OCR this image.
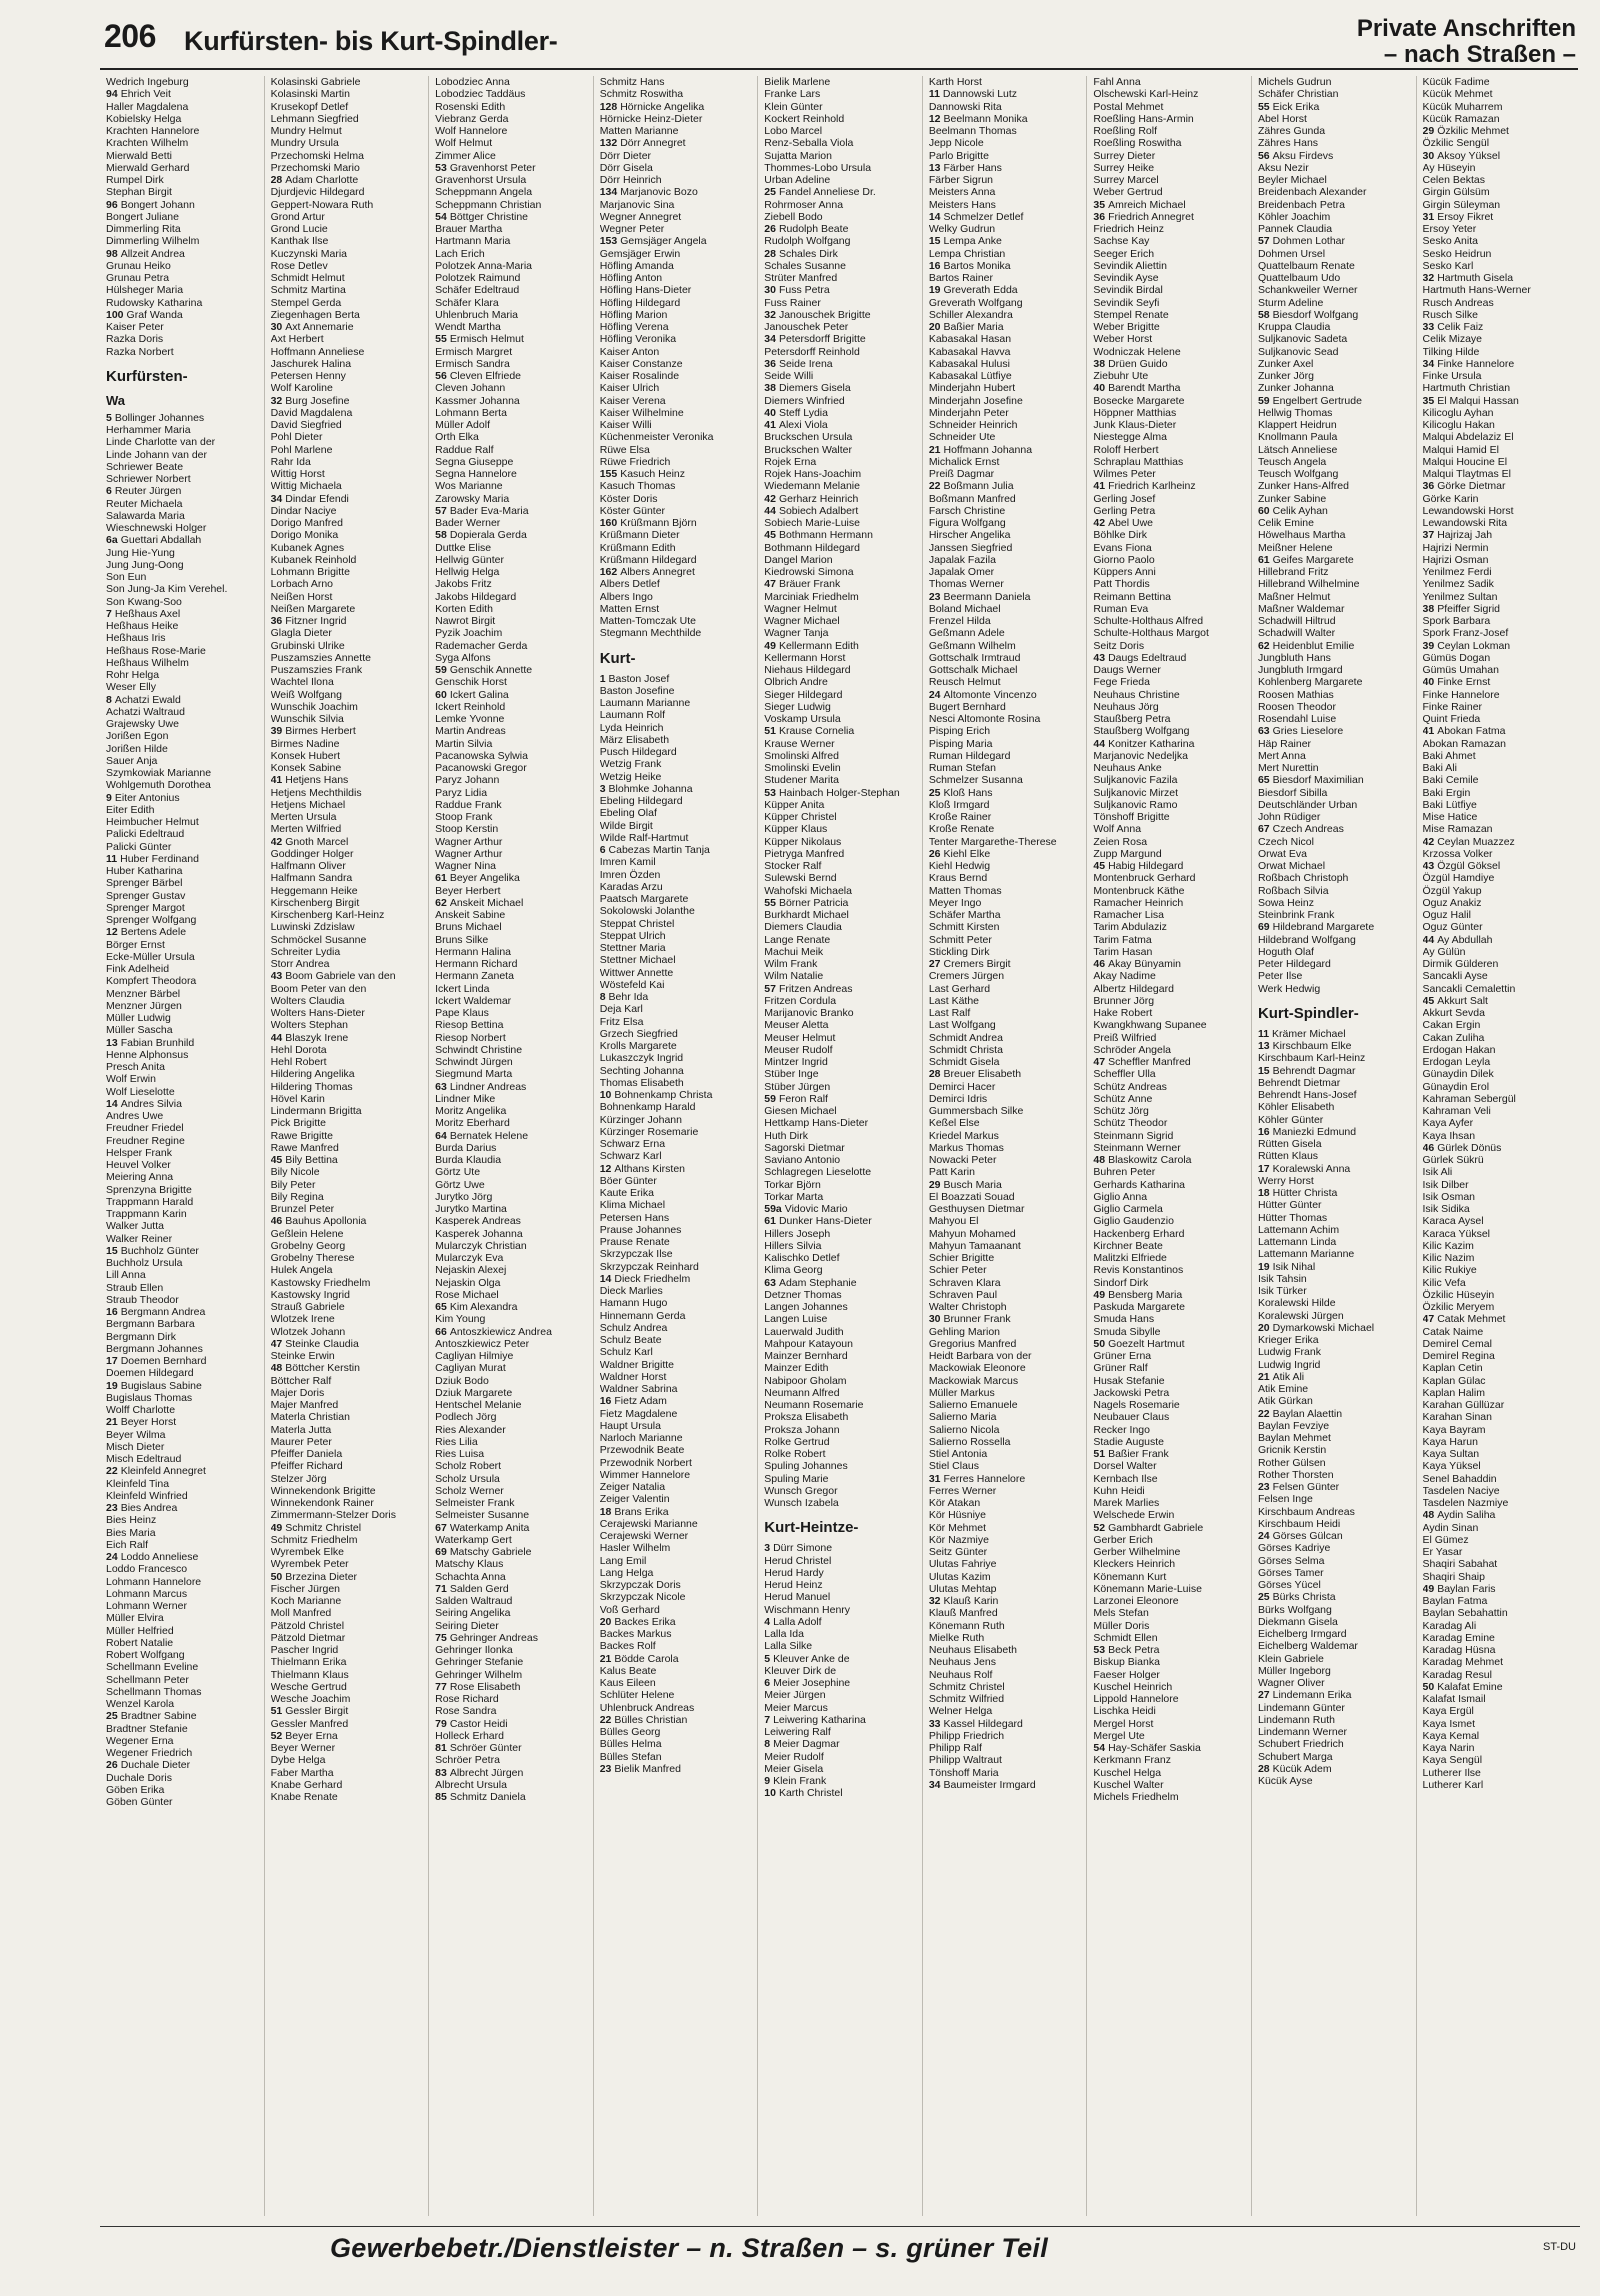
206 Kurfürsten- bis Kurt-Spindler-	Private Anschriften
– nach Straßen –
Wedrich Ingeburg
94 Ehrich Veit
Haller Magdalena
Kobielsky Helga
Krachten Hannelore
Krachten Wilhelm
Mierwald Betti
Mierwald Gerhard
Rumpel Dirk
Stephan Birgit
96 Bongert Johann
Bongert Juliane
Dimmerling Rita
Dimmerling Wilhelm
98 Allzeit Andrea
Grunau Heiko
Grunau Petra
Hülsheger Maria
Rudowsky Katharina
100 Graf Wanda
Kaiser Peter
Razka Doris
Razka Norbert
Kurfürsten-
Wa
5 Bollinger Johannes
Herhammer Maria
Linde Charlotte van der
Linde Johann van der
Schriewer Beate
Schriewer Norbert
6 Reuter Jürgen
Reuter Michaela
Salawarda Maria
Wieschnewski Holger
6a Guettari Abdallah
Jung Hie-Yung
Jung Jung-Oong
Son Eun
Son Jung-Ja Kim Verehel.
Son Kwang-Soo
7 Heßhaus Axel
Heßhaus Heike
Heßhaus Iris
Heßhaus Rose-Marie
Heßhaus Wilhelm
Rohr Helga
Weser Elly
8 Achatzi Ewald
Achatzi Waltraud
Grajewsky Uwe
Jorißen Egon
Jorißen Hilde
Sauer Anja
Szymkowiak Marianne
Wohlgemuth Dorothea
9 Eiter Antonius
Eiter Edith
Heimbucher Helmut
Palicki Edeltraud
Palicki Günter
11 Huber Ferdinand
Huber Katharina
Sprenger Bärbel
Sprenger Gustav
Sprenger Margot
Sprenger Wolfgang
12 Bertens Adele
Börger Ernst
Ecke-Müller Ursula
Fink Adelheid
Kompfert Theodora
Menzner Bärbel
Menzner Jürgen
Müller Ludwig
Müller Sascha
13 Fabian Brunhild
Henne Alphonsus
Presch Anita
Wolf Erwin
Wolf Lieselotte
14 Andres Silvia
Andres Uwe
Freudner Friedel
Freudner Regine
Helsper Frank
Heuvel Volker
Meiering Anna
Sprenzyna Brigitte
Trappmann Harald
Trappmann Karin
Walker Jutta
Walker Reiner
15 Buchholz Günter
Buchholz Ursula
Lill Anna
Straub Ellen
Straub Theodor
16 Bergmann Andrea
Bergmann Barbara
Bergmann Dirk
Bergmann Johannes
17 Doemen Bernhard
Doemen Hildegard
19 Bugislaus Sabine
Bugislaus Thomas
Wolff Charlotte
21 Beyer Horst
Beyer Wilma
Misch Dieter
Misch Edeltraud
22 Kleinfeld Annegret
Kleinfeld Tina
Kleinfeld Winfried
23 Bies Andrea
Bies Heinz
Bies Maria
Eich Ralf
24 Loddo Anneliese
Loddo Francesco
Lohmann Hannelore
Lohmann Marcus
Lohmann Werner
Müller Elvira
Müller Helfried
Robert Natalie
Robert Wolfgang
Schellmann Eveline
Schellmann Peter
Schellmann Thomas
Wenzel Karola
25 Bradtner Sabine
Bradtner Stefanie
Wegener Erna
Wegener Friedrich
26 Duchale Dieter
Duchale Doris
Göben Erika
Göben Günter
Kolasinski Gabriele
Kolasinski Martin
Krusekopf Detlef
Lehmann Siegfried
Mundry Helmut
Mundry Ursula
Przechomski Helma
Przechomski Mario
28 Adam Charlotte
Djurdjevic Hildegard
Geppert-Nowara Ruth
Grond Artur
Grond Lucie
Kanthak Ilse
Kuczynski Maria
Rose Detlev
Schmidt Helmut
Schmitz Martina
Stempel Gerda
Ziegenhagen Berta
30 Axt Annemarie
Axt Herbert
Hoffmann Anneliese
Jaschurek Halina
Petersen Henny
Wolf Karoline
32 Burg Josefine
David Magdalena
David Siegfried
Pohl Dieter
Pohl Marlene
Rahr Ida
Wittig Horst
Wittig Michaela
34 Dindar Efendi
Dindar Naciye
Dorigo Manfred
Dorigo Monika
Kubanek Agnes
Kubanek Reinhold
Lohmann Brigitte
Lorbach Arno
Neißen Horst
Neißen Margarete
36 Fitzner Ingrid
Glagla Dieter
Grubinski Ulrike
Puszamszies Annette
Puszamszies Frank
Wachtel Ilona
Weiß Wolfgang
Wunschik Joachim
Wunschik Silvia
39 Birmes Herbert
Birmes Nadine
Konsek Hubert
Konsek Sabine
41 Hetjens Hans
Hetjens Mechthildis
Hetjens Michael
Merten Ursula
Merten Wilfried
42 Gnoth Marcel
Goddinger Holger
Halfmann Oliver
Halfmann Sandra
Heggemann Heike
Kirschenberg Birgit
Kirschenberg Karl-Heinz
Luwinski Zdzislaw
Schmöckel Susanne
Schreiter Lydia
Storr Andrea
43 Boom Gabriele van den
Boom Peter van den
Wolters Claudia
Wolters Hans-Dieter
Wolters Stephan
44 Blaszyk Irene
Hehl Dorota
Hehl Robert
Hildering Angelika
Hildering Thomas
Hövel Karin
Lindermann Brigitta
Pick Brigitte
Rawe Brigitte
Rawe Manfred
45 Bily Bettina
Bily Nicole
Bily Peter
Bily Regina
Brunzel Peter
46 Bauhus Apollonia
Geßlein Helene
Grobelny Georg
Grobelny Therese
Hulek Angela
Kastowsky Friedhelm
Kastowsky Ingrid
Strauß Gabriele
Wlotzek Irene
Wlotzek Johann
47 Steinke Claudia
Steinke Erwin
48 Böttcher Kerstin
Böttcher Ralf
Majer Doris
Majer Manfred
Materla Christian
Materla Jutta
Maurer Peter
Pfeiffer Daniela
Pfeiffer Richard
Stelzer Jörg
Winnekendonk Brigitte
Winnekendonk Rainer
Zimmermann-Stelzer Doris
49 Schmitz Christel
Schmitz Friedhelm
Wyrembek Elke
Wyrembek Peter
50 Brzezina Dieter
Fischer Jürgen
Koch Marianne
Moll Manfred
Pätzold Christel
Pätzold Dietmar
Pascher Ingrid
Thielmann Erika
Thielmann Klaus
Wesche Gertrud
Wesche Joachim
51 Gessler Birgit
Gessler Manfred
52 Beyer Erna
Beyer Werner
Dybe Helga
Faber Martha
Knabe Gerhard
Knabe Renate
Lobodziec Anna
Lobodziec Taddäus
Rosenski Edith
Viebranz Gerda
Wolf Hannelore
Wolf Helmut
Zimmer Alice
53 Gravenhorst Peter
Gravenhorst Ursula
Scheppmann Angela
Scheppmann Christian
54 Böttger Christine
Brauer Martha
Hartmann Maria
Lach Erich
Polotzek Anna-Maria
Polotzek Raimund
Schäfer Edeltraud
Schäfer Klara
Uhlenbruch Maria
Wendt Martha
55 Ermisch Helmut
Ermisch Margret
Ermisch Sandra
56 Cleven Elfriede
Cleven Johann
Kassmer Johanna
Lohmann Berta
Müller Adolf
Orth Elka
Raddue Ralf
Segna Giuseppe
Segna Hannelore
Wos Marianne
Zarowsky Maria
57 Bader Eva-Maria
Bader Werner
58 Dopierala Gerda
Duttke Elise
Hellwig Günter
Hellwig Helga
Jakobs Fritz
Jakobs Hildegard
Korten Edith
Nawrot Birgit
Pyzik Joachim
Rademacher Gerda
Syga Alfons
59 Genschik Annette
Genschik Horst
60 Ickert Galina
Ickert Reinhold
Lemke Yvonne
Martin Andreas
Martin Silvia
Pacanowska Sylwia
Pacanowski Gregor
Paryz Johann
Paryz Lidia
Raddue Frank
Stoop Frank
Stoop Kerstin
Wagner Arthur
Wagner Arthur
Wagner Nina
61 Beyer Angelika
Beyer Herbert
62 Anskeit Michael
Anskeit Sabine
Bruns Michael
Bruns Silke
Hermann Halina
Hermann Richard
Hermann Zaneta
Ickert Linda
Ickert Waldemar
Pape Klaus
Riesop Bettina
Riesop Norbert
Schwindt Christine
Schwindt Jürgen
Siegmund Marta
63 Lindner Andreas
Lindner Mike
Moritz Angelika
Moritz Eberhard
64 Bernatek Helene
Burda Darius
Burda Klaudia
Görtz Ute
Görtz Uwe
Jurytko Jörg
Jurytko Martina
Kasperek Andreas
Kasperek Johanna
Mularczyk Christian
Mularczyk Eva
Nejaskin Alexej
Nejaskin Olga
Rose Michael
65 Kim Alexandra
Kim Young
66 Antoszkiewicz Andrea
Antoszkiewicz Peter
Cagliyan Hilmiye
Cagliyan Murat
Dziuk Bodo
Dziuk Margarete
Hentschel Melanie
Podlech Jörg
Ries Alexander
Ries Lilia
Ries Luisa
Scholz Robert
Scholz Ursula
Scholz Werner
Selmeister Frank
Selmeister Susanne
67 Waterkamp Anita
Waterkamp Gert
69 Matschy Gabriele
Matschy Klaus
Schachta Anna
71 Salden Gerd
Salden Waltraud
Seiring Angelika
Seiring Dieter
75 Gehringer Andreas
Gehringer Ilonka
Gehringer Stefanie
Gehringer Wilhelm
77 Rose Elisabeth
Rose Richard
Rose Sandra
79 Castor Heidi
Holleck Erhard
81 Schröer Günter
Schröer Petra
83 Albrecht Jürgen
Albrecht Ursula
85 Schmitz Daniela
Schmitz Hans
Schmitz Roswitha
128 Hörnicke Angelika
Hörnicke Heinz-Dieter
Matten Marianne
132 Dörr Annegret
Dörr Dieter
Dörr Gisela
Dörr Heinrich
134 Marjanovic Bozo
Marjanovic Sina
Wegner Annegret
Wegner Peter
153 Gemsjäger Angela
Gemsjäger Erwin
Höfling Amanda
Höfling Anton
Höfling Hans-Dieter
Höfling Hildegard
Höfling Marion
Höfling Verena
Höfling Veronika
Kaiser Anton
Kaiser Constanze
Kaiser Rosalinde
Kaiser Ulrich
Kaiser Verena
Kaiser Wilhelmine
Kaiser Willi
Küchenmeister Veronika
Rüwe Elsa
Rüwe Friedrich
155 Kasuch Heinz
Kasuch Thomas
Köster Doris
Köster Günter
160 Krüßmann Björn
Krüßmann Dieter
Krüßmann Edith
Krüßmann Hildegard
162 Albers Annegret
Albers Detlef
Albers Ingo
Matten Ernst
Matten-Tomczak Ute
Stegmann Mechthilde
Kurt-
1 Baston Josef
Baston Josefine
Laumann Marianne
Laumann Rolf
Lyda Heinrich
März Elisabeth
Pusch Hildegard
Wetzig Frank
Wetzig Heike
3 Blohmke Johanna
Ebeling Hildegard
Ebeling Olaf
Wilde Birgit
Wilde Ralf-Hartmut
6 Cabezas Martin Tanja
Imren Kamil
Imren Özden
Karadas Arzu
Paatsch Margarete
Sokolowski Jolanthe
Steppat Christel
Steppat Ulrich
Stettner Maria
Stettner Michael
Wittwer Annette
Wöstefeld Kai
8 Behr Ida
Deja Karl
Fritz Elsa
Grzech Siegfried
Krolls Margarete
Lukaszczyk Ingrid
Sechting Johanna
Thomas Elisabeth
10 Bohnenkamp Christa
Bohnenkamp Harald
Kürzinger Johann
Kürzinger Rosemarie
Schwarz Erna
Schwarz Karl
12 Althans Kirsten
Böer Günter
Kaute Erika
Klima Michael
Petersen Hans
Prause Johannes
Prause Renate
Skrzypczak Ilse
Skrzypczak Reinhard
14 Dieck Friedhelm
Dieck Marlies
Hamann Hugo
Hinnemann Gerda
Schulz Andrea
Schulz Beate
Schulz Karl
Waldner Brigitte
Waldner Horst
Waldner Sabrina
16 Fietz Adam
Fietz Magdalene
Haupt Ursula
Narloch Marianne
Przewodnik Beate
Przewodnik Norbert
Wimmer Hannelore
Zeiger Natalia
Zeiger Valentin
18 Brans Erika
Cerajewski Marianne
Cerajewski Werner
Hasler Wilhelm
Lang Emil
Lang Helga
Skrzypczak Doris
Skrzypczak Nicole
Voß Gerhard
20 Backes Erika
Backes Markus
Backes Rolf
21 Bödde Carola
Kalus Beate
Kaus Eileen
Schlüter Helene
Uhlenbruck Andreas
22 Bülles Christian
Bülles Georg
Bülles Helma
Bülles Stefan
23 Bielik Manfred
Bielik Marlene
Franke Lars
Klein Günter
Kockert Reinhold
Lobo Marcel
Renz-Seballa Viola
Sujatta Marion
Thommes-Lobo Ursula
Urban Adeline
25 Fandel Anneliese Dr.
Rohrmoser Anna
Ziebell Bodo
26 Rudolph Beate
Rudolph Wolfgang
28 Schales Dirk
Schales Susanne
Strüter Manfred
30 Fuss Petra
Fuss Rainer
32 Janouschek Brigitte
Janouschek Peter
34 Petersdorff Brigitte
Petersdorff Reinhold
36 Seide Irena
Seide Willi
38 Diemers Gisela
Diemers Winfried
40 Steff Lydia
41 Alexi Viola
Bruckschen Ursula
Bruckschen Walter
Rojek Erna
Rojek Hans-Joachim
Wiedemann Melanie
42 Gerharz Heinrich
44 Sobiech Adalbert
Sobiech Marie-Luise
45 Bothmann Hermann
Bothmann Hildegard
Dangel Marion
Kiedrowski Simona
47 Bräuer Frank
Marciniak Friedhelm
Wagner Helmut
Wagner Michael
Wagner Tanja
49 Kellermann Edith
Kellermann Horst
Niehaus Hildegard
Olbrich Andre
Sieger Hildegard
Sieger Ludwig
Voskamp Ursula
51 Krause Cornelia
Krause Werner
Smolinski Alfred
Smolinski Evelin
Studener Marita
53 Hainbach Holger-Stephan
Küpper Anita
Küpper Christel
Küpper Klaus
Küpper Nikolaus
Pietryga Manfred
Stocker Ralf
Sulewski Bernd
Wahofski Michaela
55 Börner Patricia
Burkhardt Michael
Diemers Claudia
Lange Renate
Machui Meik
Wilm Frank
Wilm Natalie
57 Fritzen Andreas
Fritzen Cordula
Marijanovic Branko
Meuser Aletta
Meuser Helmut
Meuser Rudolf
Mintzer Ingrid
Stüber Inge
Stüber Jürgen
59 Feron Ralf
Giesen Michael
Hettkamp Hans-Dieter
Huth Dirk
Sagorski Dietmar
Saviano Antonio
Schlagregen Lieselotte
Torkar Björn
Torkar Marta
59a Vidovic Mario
61 Dunker Hans-Dieter
Hillers Joseph
Hillers Silvia
Kalischko Detlef
Klima Georg
63 Adam Stephanie
Detzner Thomas
Langen Johannes
Langen Luise
Lauerwald Judith
Mahpour Katayoun
Mainzer Bernhard
Mainzer Edith
Nabipoor Gholam
Neumann Alfred
Neumann Rosemarie
Proksza Elisabeth
Proksza Johann
Rolke Gertrud
Rolke Robert
Spuling Johannes
Spuling Marie
Wunsch Gregor
Wunsch Izabela
Kurt-Heintze-
3 Dürr Simone
Herud Christel
Herud Hardy
Herud Heinz
Herud Manuel
Wischmann Henry
4 Lalla Adolf
Lalla Ida
Lalla Silke
5 Kleuver Anke de
Kleuver Dirk de
6 Meier Josephine
Meier Jürgen
Meier Marcus
7 Leiwering Katharina
Leiwering Ralf
8 Meier Dagmar
Meier Rudolf
Meier Gisela
9 Klein Frank
10 Karth Christel
Karth Horst
11 Dannowski Lutz
Dannowski Rita
12 Beelmann Monika
Beelmann Thomas
Jepp Nicole
Parlo Brigitte
13 Färber Hans
Färber Sigrun
Meisters Anna
Meisters Hans
14 Schmelzer Detlef
Welky Gudrun
15 Lempa Anke
Lempa Christian
16 Bartos Monika
Bartos Rainer
19 Greverath Edda
Greverath Wolfgang
Schiller Alexandra
20 Baßier Maria
Kabasakal Hasan
Kabasakal Havva
Kabasakal Hulusi
Kabasakal Lütfiye
Minderjahn Hubert
Minderjahn Josefine
Minderjahn Peter
Schneider Heinrich
Schneider Ute
21 Hoffmann Johanna
Michalick Ernst
Preiß Dagmar
22 Boßmann Julia
Boßmann Manfred
Farsch Christine
Figura Wolfgang
Hirscher Angelika
Janssen Siegfried
Japalak Fazila
Japalak Omer
Thomas Werner
23 Beermann Daniela
Boland Michael
Frenzel Hilda
Geßmann Adele
Geßmann Wilhelm
Gottschalk Irmtraud
Gottschalk Michael
Reusch Helmut
24 Altomonte Vincenzo
Bugert Bernhard
Nesci Altomonte Rosina
Pisping Erich
Pisping Maria
Ruman Hildegard
Ruman Stefan
Schmelzer Susanna
25 Kloß Hans
Kloß Irmgard
Kroße Rainer
Kroße Renate
Tenter Margarethe-Therese
26 Kiehl Elke
Kiehl Hedwig
Kraus Bernd
Matten Thomas
Meyer Ingo
Schäfer Martha
Schmitt Kirsten
Schmitt Peter
Stickling Dirk
27 Cremers Birgit
Cremers Jürgen
Last Gerhard
Last Käthe
Last Ralf
Last Wolfgang
Schmidt Andrea
Schmidt Christa
Schmidt Gisela
28 Breuer Elisabeth
Demirci Hacer
Demirci Idris
Gummersbach Silke
Keßel Else
Kriedel Markus
Markus Thomas
Nowacki Peter
Patt Karin
29 Busch Maria
El Boazzati Souad
Gesthuysen Dietmar
Mahyou El
Mahyun Mohamed
Mahyun Tamaanant
Schier Brigitte
Schier Peter
Schraven Klara
Schraven Paul
Walter Christoph
30 Brunner Frank
Gehling Marion
Gregorius Manfred
Heidt Barbara von der
Mackowiak Eleonore
Mackowiak Marcus
Müller Markus
Salierno Emanuele
Salierno Maria
Salierno Nicola
Salierno Rossella
Stiel Antonia
Stiel Claus
31 Ferres Hannelore
Ferres Werner
Kör Atakan
Kör Hüsniye
Kör Mehmet
Kör Nazmiye
Seitz Günter
Ulutas Fahriye
Ulutas Kazim
Ulutas Mehtap
32 Klauß Karin
Klauß Manfred
Könemann Ruth
Mielke Ruth
Neuhaus Elisabeth
Neuhaus Jens
Neuhaus Rolf
Schmitz Christel
Schmitz Wilfried
Welner Helga
33 Kassel Hildegard
Philipp Friedrich
Philipp Ralf
Philipp Waltraut
Tönshoff Maria
34 Baumeister Irmgard
Fahl Anna
Olschewski Karl-Heinz
Postal Mehmet
Roeßling Hans-Armin
Roeßling Rolf
Roeßling Roswitha
Surrey Dieter
Surrey Heike
Surrey Marcel
Weber Gertrud
35 Amreich Michael
36 Friedrich Annegret
Friedrich Heinz
Sachse Kay
Seeger Erich
Sevindik Aliettin
Sevindik Ayse
Sevindik Birdal
Sevindik Seyfi
Stempel Renate
Weber Brigitte
Weber Horst
Wodniczak Helene
38 Drüen Guido
Ziebuhr Ute
40 Barendt Martha
Bosecke Margarete
Höppner Matthias
Junk Klaus-Dieter
Niestegge Alma
Roloff Herbert
Schraplau Matthias
Wilmes Peter
41 Friedrich Karlheinz
Gerling Josef
Gerling Petra
42 Abel Uwe
Böhlke Dirk
Evans Fiona
Giorno Paolo
Küppers Anni
Patt Thordis
Reimann Bettina
Ruman Eva
Schulte-Holthaus Alfred
Schulte-Holthaus Margot
Seitz Doris
43 Daugs Edeltraud
Daugs Werner
Fege Frieda
Neuhaus Christine
Neuhaus Jörg
Staußberg Petra
Staußberg Wolfgang
44 Konitzer Katharina
Marjanovic Nedeljka
Neuhaus Anke
Suljkanovic Fazila
Suljkanovic Mirzet
Suljkanovic Ramo
Tönshoff Brigitte
Wolf Anna
Zeien Rosa
Zupp Margund
45 Habig Hildegard
Montenbruck Gerhard
Montenbruck Käthe
Ramacher Heinrich
Ramacher Lisa
Tarim Abdulaziz
Tarim Fatma
Tarim Hasan
46 Akay Bünyamin
Akay Nadime
Albertz Hildegard
Brunner Jörg
Hake Robert
Kwangkhwang Supanee
Preiß Wilfried
Schröder Angela
47 Scheffler Manfred
Scheffler Ulla
Schütz Andreas
Schütz Anne
Schütz Jörg
Schütz Theodor
Steinmann Sigrid
Steinmann Werner
48 Blaskowitz Carola
Buhren Peter
Gerhards Katharina
Giglio Anna
Giglio Carmela
Giglio Gaudenzio
Hackenberg Erhard
Kirchner Beate
Malitzki Elfriede
Revis Konstantinos
Sindorf Dirk
49 Bensberg Maria
Paskuda Margarete
Smuda Hans
Smuda Sibylle
50 Goezelt Hartmut
Grüner Erna
Grüner Ralf
Husak Stefanie
Jackowski Petra
Nagels Rosemarie
Neubauer Claus
Recker Ingo
Stadie Auguste
51 Baßier Frank
Dorsel Walter
Kernbach Ilse
Kuhn Heidi
Marek Marlies
Welschede Erwin
52 Gambhardt Gabriele
Gerber Erich
Gerber Wilhelmine
Kleckers Heinrich
Könemann Kurt
Könemann Marie-Luise
Larzonei Eleonore
Mels Stefan
Müller Doris
Schmidt Ellen
53 Beck Petra
Biskup Bianka
Faeser Holger
Kuschel Heinrich
Lippold Hannelore
Lischka Heidi
Mergel Horst
Mergel Ute
54 Hay-Schäfer Saskia
Kerkmann Franz
Kuschel Helga
Kuschel Walter
Michels Friedhelm
Michels Gudrun
Schäfer Christian
55 Eick Erika
Abel Horst
Zähres Gunda
Zähres Hans
56 Aksu Firdevs
Aksu Nezir
Beyler Michael
Breidenbach Alexander
Breidenbach Petra
Köhler Joachim
Pannek Claudia
57 Dohmen Lothar
Dohmen Ursel
Quattelbaum Renate
Quattelbaum Udo
Schankweiler Werner
Sturm Adeline
58 Biesdorf Wolfgang
Kruppa Claudia
Suljkanovic Sadeta
Suljkanovic Sead
Zunker Axel
Zunker Jörg
Zunker Johanna
59 Engelbert Gertrude
Hellwig Thomas
Klappert Heidrun
Knollmann Paula
Lätsch Anneliese
Teusch Angela
Teusch Wolfgang
Zunker Hans-Alfred
Zunker Sabine
60 Celik Ayhan
Celik Emine
Höwelhaus Martha
Meißner Helene
61 Geifes Margarete
Hillebrand Fritz
Hillebrand Wilhelmine
Maßner Helmut
Maßner Waldemar
Schadwill Hiltrud
Schadwill Walter
62 Heidenblut Emilie
Jungbluth Hans
Jungbluth Irmgard
Kohlenberg Margarete
Roosen Mathias
Roosen Theodor
Rosendahl Luise
63 Gries Lieselore
Häp Rainer
Mert Anna
Mert Nurettin
65 Biesdorf Maximilian
Biesdorf Sibilla
Deutschländer Urban
John Rüdiger
67 Czech Andreas
Czech Nicol
Orwat Eva
Orwat Michael
Roßbach Christoph
Roßbach Silvia
Sowa Heinz
Steinbrink Frank
69 Hildebrand Margarete
Hildebrand Wolfgang
Hoguth Olaf
Peter Hildegard
Peter Ilse
Werk Hedwig
Kurt-Spindler-
11 Krämer Michael
13 Kirschbaum Elke
Kirschbaum Karl-Heinz
15 Behrendt Dagmar
Behrendt Dietmar
Behrendt Hans-Josef
Köhler Elisabeth
Köhler Günter
16 Maniezki Edmund
Rütten Gisela
Rütten Klaus
17 Koralewski Anna
Werry Horst
18 Hütter Christa
Hütter Günter
Hütter Thomas
Lattemann Achim
Lattemann Linda
Lattemann Marianne
19 Isik Nihal
Isik Tahsin
Isik Türker
Koralewski Hilde
Koralewski Jürgen
20 Dymarkowski Michael
Krieger Erika
Ludwig Frank
Ludwig Ingrid
21 Atik Ali
Atik Emine
Atik Gürkan
22 Baylan Alaettin
Baylan Fevziye
Baylan Mehmet
Gricnik Kerstin
Rother Gülsen
Rother Thorsten
23 Felsen Günter
Felsen Inge
Kirschbaum Andreas
Kirschbaum Heidi
24 Görses Gülcan
Görses Kadriye
Görses Selma
Görses Tamer
Görses Yücel
25 Bürks Christa
Bürks Wolfgang
Diekmann Gisela
Eichelberg Irmgard
Eichelberg Waldemar
Klein Gabriele
Müller Ingeborg
Wagner Oliver
27 Lindemann Erika
Lindemann Günter
Lindemann Ruth
Lindemann Werner
Schubert Friedrich
Schubert Marga
28 Kücük Adem
Kücük Ayse
Kücük Fadime
Kücük Mehmet
Kücük Muharrem
Kücük Ramazan
29 Özkilic Mehmet
Özkilic Sengül
30 Aksoy Yüksel
Ay Hüseyin
Celen Bektas
Girgin Gülsüm
Girgin Süleyman
31 Ersoy Fikret
Ersoy Yeter
Sesko Anita
Sesko Heidrun
Sesko Karl
32 Hartmuth Gisela
Hartmuth Hans-Werner
Rusch Andreas
Rusch Silke
33 Celik Faiz
Celik Mizaye
Tilking Hilde
34 Finke Hannelore
Finke Ursula
Hartmuth Christian
35 El Malqui Hassan
Kilicoglu Ayhan
Kilicoglu Hakan
Malqui Abdelaziz El
Malqui Hamid El
Malqui Houcine El
Malqui Tlaytmas El
36 Görke Dietmar
Görke Karin
Lewandowski Horst
Lewandowski Rita
37 Hajrizaj Jah
Hajrizi Nermin
Hajrizi Osman
Yenilmez Ferdi
Yenilmez Sadik
Yenilmez Sultan
38 Pfeiffer Sigrid
Spork Barbara
Spork Franz-Josef
39 Ceylan Lokman
Gümüs Dogan
Gümüs Umahan
40 Finke Ernst
Finke Hannelore
Finke Rainer
Quint Frieda
41 Abokan Fatma
Abokan Ramazan
Baki Ahmet
Baki Ali
Baki Cemile
Baki Ergin
Baki Lütfiye
Mise Hatice
Mise Ramazan
42 Ceylan Muazzez
Krzossa Volker
43 Özgül Göksel
Özgül Hamdiye
Özgül Yakup
Oguz Anakiz
Oguz Halil
Oguz Günter
44 Ay Abdullah
Ay Gülün
Dirmik Gülderen
Sancakli Ayse
Sancakli Cemalettin
45 Akkurt Salt
Akkurt Sevda
Cakan Ergin
Cakan Zuliha
Erdogan Hakan
Erdogan Leyla
Günaydin Dilek
Günaydin Erol
Kahraman Sebergül
Kahraman Veli
Kaya Ayfer
Kaya Ihsan
46 Gürlek Dönüs
Gürlek Sükrü
Isik Ali
Isik Dilber
Isik Osman
Isik Sidika
Karaca Aysel
Karaca Yüksel
Kilic Kazim
Kilic Nazim
Kilic Rukiye
Kilic Vefa
Özkilic Hüseyin
Özkilic Meryem
47 Catak Mehmet
Catak Naime
Demirel Cemal
Demirel Regina
Kaplan Cetin
Kaplan Gülac
Kaplan Halim
Karahan Güllüzar
Karahan Sinan
Kaya Bayram
Kaya Harun
Kaya Sultan
Kaya Yüksel
Senel Bahaddin
Tasdelen Naciye
Tasdelen Nazmiye
48 Aydin Saliha
Aydin Sinan
El Gümez
Er Yasar
Shaqiri Sabahat
Shaqiri Shaip
49 Baylan Faris
Baylan Fatma
Baylan Sebahattin
Karadag Ali
Karadag Emine
Karadag Hüsna
Karadag Mehmet
Karadag Resul
50 Kalafat Emine
Kalafat Ismail
Kaya Ergül
Kaya Ismet
Kaya Kemal
Kaya Narin
Kaya Sengül
Lutherer Ilse
Lutherer Karl
Gewerbebetr./Dienstleister – n. Straßen – s. grüner Teil	ST-DU
